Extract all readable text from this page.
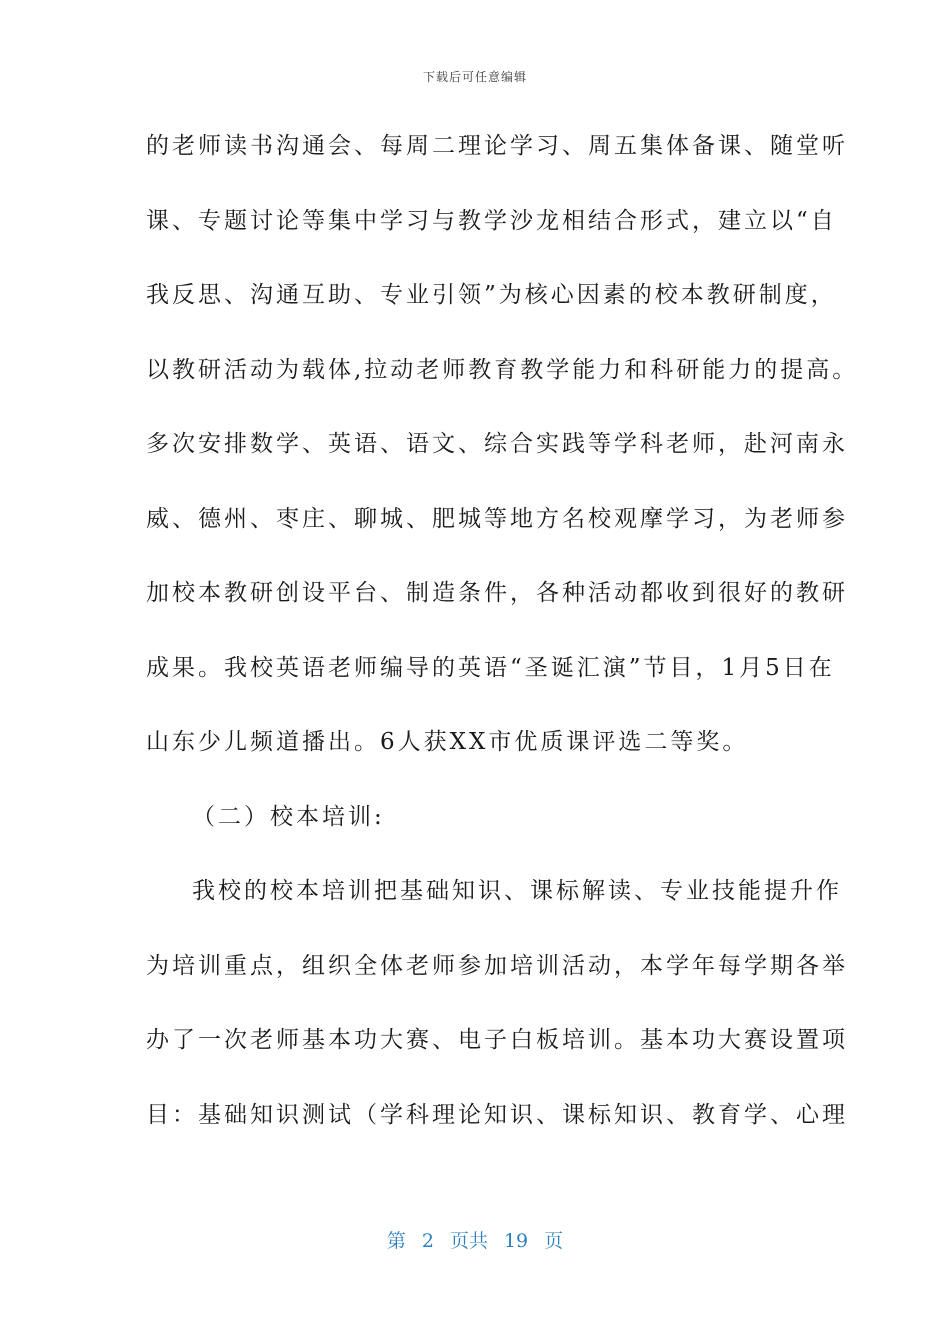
下载后可任意编辑
的老师读书沟通会、每周二理论学习、周五集体备课、随堂听
课、专题讨论等集中学习与教学沙龙相结合形式，建立以“自
我反思、沟通互助、专业引领”为核心因素的校本教研制度，
以教研活动为载体,拉动老师教育教学能力和科研能力的提高。
多次安排数学、英语、语文、综合实践等学科老师，赴河南永
威、德州、枣庄、聊城、肥城等地方名校观摩学习，为老师参
加校本教研创设平台、制造条件，各种活动都收到很好的教研
成果。我校英语老师编导的英语“圣诞汇演”节目，1月5日在
山东少儿频道播出。6人获XX市优质课评选二等奖。
（二）校本培训:
我校的校本培训把基础知识、课标解读、专业技能提升作
为培训重点，组织全体老师参加培训活动，本学年每学期各举
办了一次老师基本功大赛、电子白板培训。基本功大赛设置项
目：基础知识测试（学科理论知识、课标知识、教育学、心理
第 2 页共 19 页
